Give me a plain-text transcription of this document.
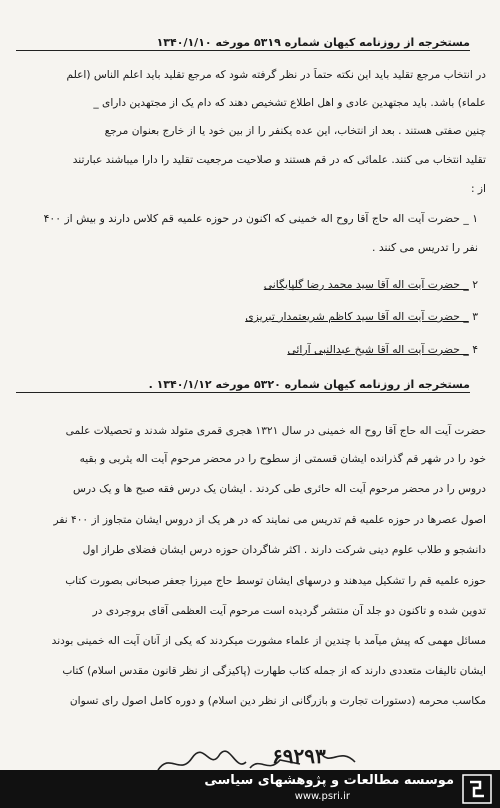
مستخرجه از روزنامه کیهان شماره ۵۳۱۹ مورخه ۱۳۴۰/۱/۱۰
در انتخاب مرجع تقلید باید این نکته حتماً در نظر گرفته شود که مرجع تقلید باید اعلم الناس (اعلم
علماء) باشد. باید مجتهدین عادی و اهل اطلاع تشخیص دهند که دام یک از مجتهدین دارای _
چنین صفتی هستند . بعد از انتخاب، این عده یکنفر را از بین خود یا از خارج بعنوان مرجع
تقلید انتخاب می کنند. علمائی که در قم هستند و صلاحیت مرجعیت تقلید را دارا میباشند عبارتند
از :
۱ _ حضرت آیت اله حاج آقا روح اله خمینی که اکنون در حوزه علمیه قم کلاس دارند و بیش از ۴۰۰
نفر را تدریس می کنند .
۲ _ حضرت آیت اله آقا سید محمد رضا گلپایگانی
۳ _ حضرت آیت اله آقا سید کاظم شریعتمدار تبریزی
۴ _ حضرت آیت اله آقا شیخ عبدالنبی آرائی
مستخرجه از روزنامه کیهان شماره ۵۳۲۰ مورخه ۱۳۴۰/۱/۱۲ .
حضرت آیت اله حاج آقا روح اله خمینی در سال ۱۳۲۱ هجری قمری متولد شدند و تحصیلات علمی
خود را در شهر قم گذرانده ایشان قسمتی از سطوح را در محضر مرحوم آیت اله یثربی و بقیه
دروس را در محضر مرحوم آیت اله حائری طی کردند . ایشان یک درس فقه صبح ها و یک درس
اصول عصرها در حوزه علمیه قم تدریس می نمایند که در هر یک از دروس ایشان متجاوز از ۴۰۰ نفر
دانشجو و طلاب علوم دینی شرکت دارند . اکثر شاگردان حوزه درس ایشان فضلای طراز اول
حوزه علمیه قم را تشکیل میدهند و درسهای ایشان توسط حاج میرزا جعفر صبحانی بصورت کتاب
تدوین شده و تاکنون دو جلد آن منتشر گردیده است مرحوم آیت العظمی آقای بروجردی در
مسائل مهمی که پیش میآمد با چندین از علماء مشورت میکردند که یکی از آنان آیت اله خمینی بودند
ایشان تالیفات متعددی دارند که از جمله کتاب طهارت (پاکیزگی از نظر قانون مقدس اسلام) کتاب
مکاسب محرمه (دستورات تجارت و بازرگانی از نظر دین اسلام) و دوره کامل اصول رای تسوان
۶۹۲۹۳
موسسه مطالعات و پژوهشهای سیاسی
www.psri.ir
